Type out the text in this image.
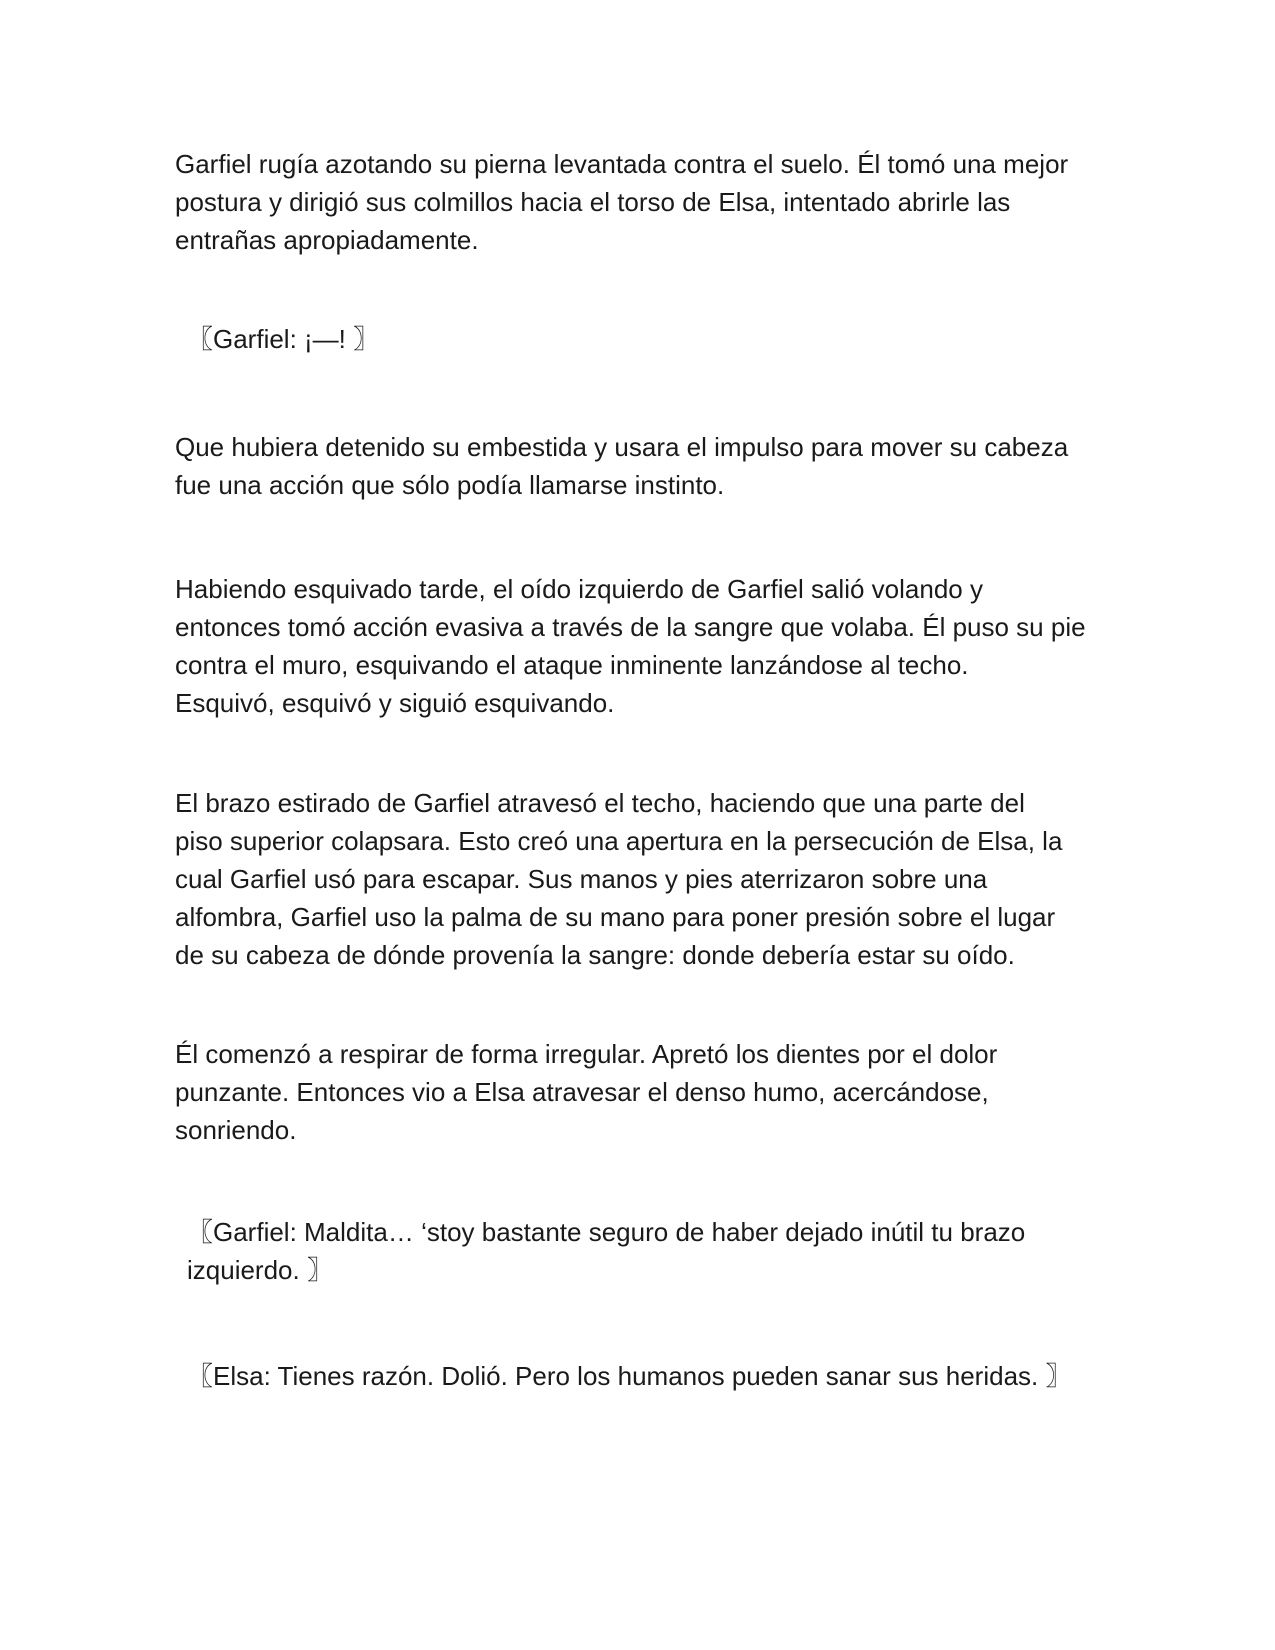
Garfiel rugía azotando su pierna levantada contra el suelo. Él tomó una mejor
postura y dirigió sus colmillos hacia el torso de Elsa, intentado abrirle las
entrañas apropiadamente.

〖Garfiel: ¡—! 〗

Que hubiera detenido su embestida y usara el impulso para mover su cabeza
fue una acción que sólo podía llamarse instinto.

Habiendo esquivado tarde, el oído izquierdo de Garfiel salió volando y
entonces tomó acción evasiva a través de la sangre que volaba. Él puso su pie
contra el muro, esquivando el ataque inminente lanzándose al techo.
Esquivó, esquivó y siguió esquivando.

El brazo estirado de Garfiel atravesó el techo, haciendo que una parte del
piso superior colapsara. Esto creó una apertura en la persecución de Elsa, la
cual Garfiel usó para escapar. Sus manos y pies aterrizaron sobre una
alfombra, Garfiel uso la palma de su mano para poner presión sobre el lugar
de su cabeza de dónde provenía la sangre: donde debería estar su oído.

Él comenzó a respirar de forma irregular. Apretó los dientes por el dolor
punzante. Entonces vio a Elsa atravesar el denso humo, acercándose,
sonriendo.

〖Garfiel: Maldita… ‘stoy bastante seguro de haber dejado inútil tu brazo
izquierdo. 〗

〖Elsa: Tienes razón. Dolió. Pero los humanos pueden sanar sus heridas. 〗
